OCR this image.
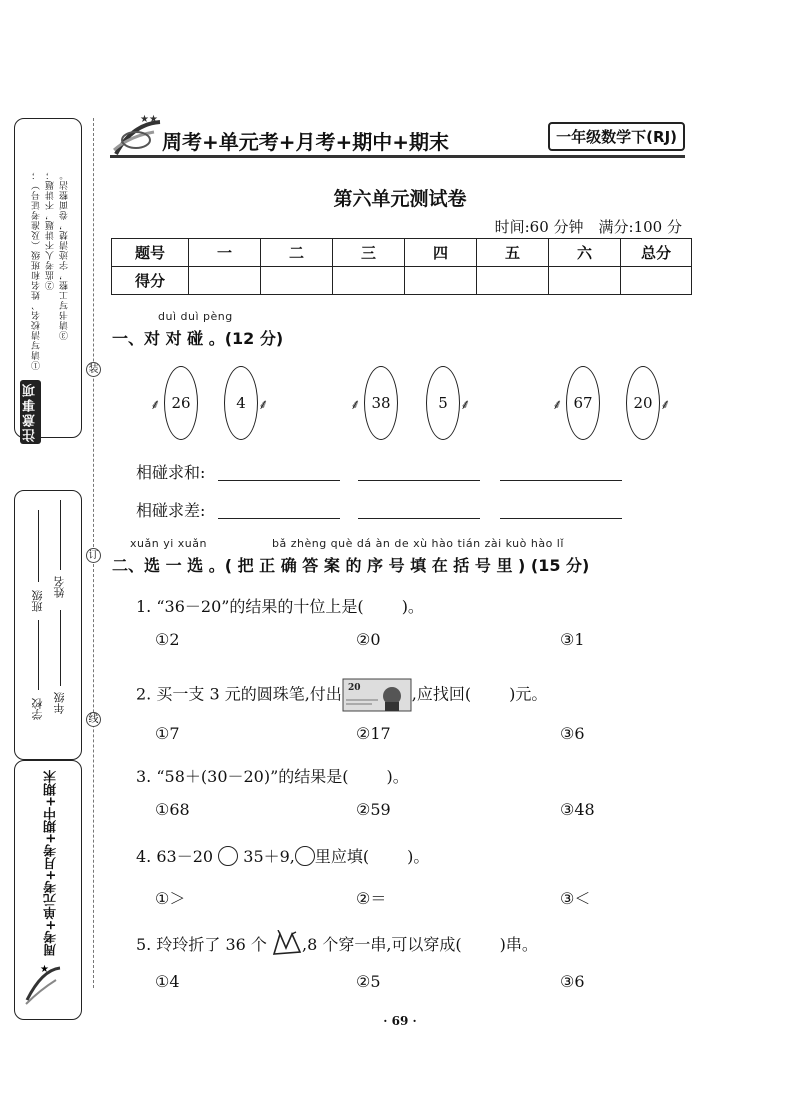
注意事项
①请写清校名、姓名和班级（及准考证号）； ②监考人不讲题，不讲题； ③请书写工整，字迹清楚，卷面整洁。
学校
班级
年级
姓名
周考+单元考+月考+期中+期末
★
装
订
线
★★
周考+单元考+月考+期中+期末	一年级数学下(RJ)
第六单元测试卷
时间:60 分钟　满分:100 分
题号	一	二	三	四	五	六	总分
得分							
duì duì pèng
一、对 对 碰 。(12 分)
26
⸙	4 ⸙	38
⸙	5 ⸙	67
⸙	20 ⸙
相碰求和:
相碰求差:
xuǎn yi xuǎn	bǎ zhèng què dá àn de xù hào tián zài kuò hào lǐ
二、选 一 选 。( 把 正 确 答 案 的 序 号 填 在 括 号 里 ) (15 分)
1. “36－20”的结果的十位上是( )。
①2	②0	③1
2. 买一支 3 元的圆珠笔,付出 20	,应找回( )元。
①7	②17	③6
3. “58＋(30－20)”的结果是( )。
①68	②59	③48
4. 63－20 35＋9, 里应填( )。
①＞	②＝	③＜
5. 玲玲折了 36 个 ,8 个穿一串,可以穿成( )串。
①4	②5	③6
· 69 ·
